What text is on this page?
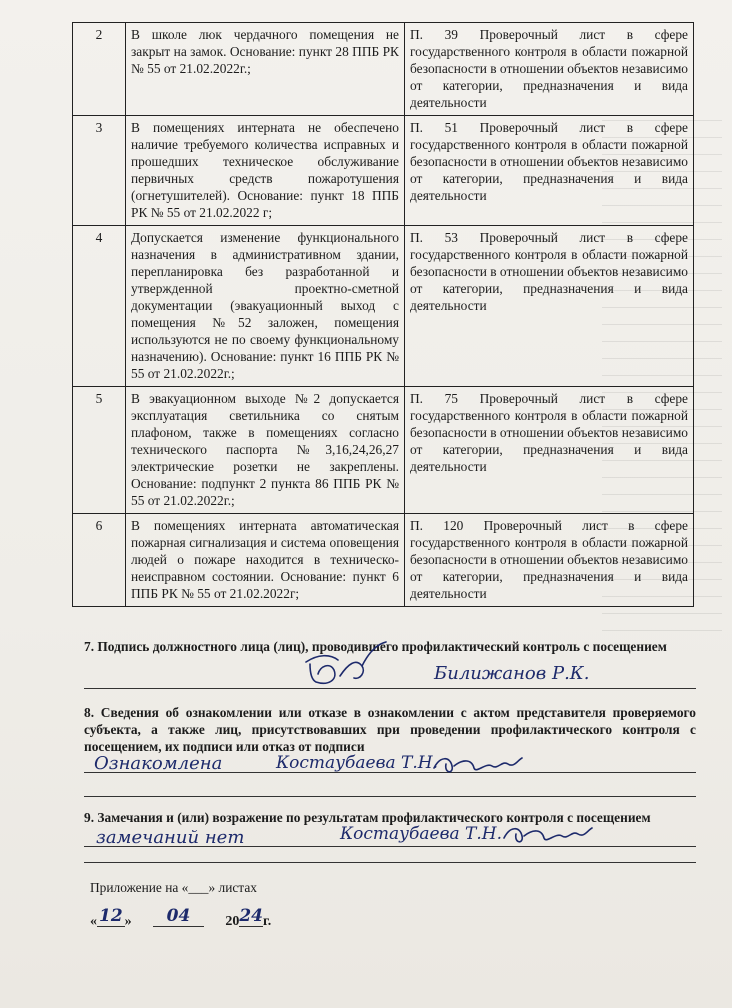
2	В школе люк чердачного помещения не закрыт на замок. Основание: пункт 28 ППБ РК № 55 от 21.02.2022г.;	П. 39 Проверочный лист в сфере государственного контроля в области пожарной безопасности в отношении объектов независимо от категории, предназначения и вида деятельности
3	В помещениях интерната не обеспечено наличие требуемого количества исправных и прошедших техническое обслуживание первичных средств пожаротушения (огнетушителей). Основание: пункт 18 ППБ РК № 55 от 21.02.2022 г;	П. 51 Проверочный лист в сфере государственного контроля в области пожарной безопасности в отношении объектов независимо от категории, предназначения и вида деятельности
4	Допускается изменение функционального назначения в административном здании, перепланировка без разработанной и утвержденной проектно-сметной документации (эвакуационный выход с помещения №52 заложен, помещения используются не по своему функциональному назначению). Основание: пункт 16 ППБ РК № 55 от 21.02.2022г.;	П. 53 Проверочный лист в сфере государственного контроля в области пожарной безопасности в отношении объектов независимо от категории, предназначения и вида деятельности
5	В эвакуационном выходе №2 допускается эксплуатация светильника со снятым плафоном, также в помещениях согласно технического паспорта №3,16,24,26,27 электрические розетки не закреплены. Основание: подпункт 2 пункта 86 ППБ РК № 55 от 21.02.2022г.;	П. 75 Проверочный лист в сфере государственного контроля в области пожарной безопасности в отношении объектов независимо от категории, предназначения и вида деятельности
6	В помещениях интерната автоматическая пожарная сигнализация и система оповещения людей о пожаре находится в техническо-неисправном состоянии. Основание: пункт 6 ППБ РК № 55 от 21.02.2022г;	П. 120 Проверочный лист в сфере государственного контроля в области пожарной безопасности в отношении объектов независимо от категории, предназначения и вида деятельности
7. Подпись должностного лица (лиц), проводившего профилактический контроль с посещением
Билижанов Р.К.
8. Сведения об ознакомлении или отказе в ознакомлении с актом представителя проверяемого субъекта, а также лиц, присутствовавших при проведении профилактического контроля с посещением, их подписи или отказ от подписи
Ознакомлена	Костаубаева Т.Н.
9. Замечания и (или) возражение по результатам профилактического контроля с посещением
замечаний нет	Костаубаева Т.Н.
Приложение на «___» листах
« 12 » 04	2024г.
